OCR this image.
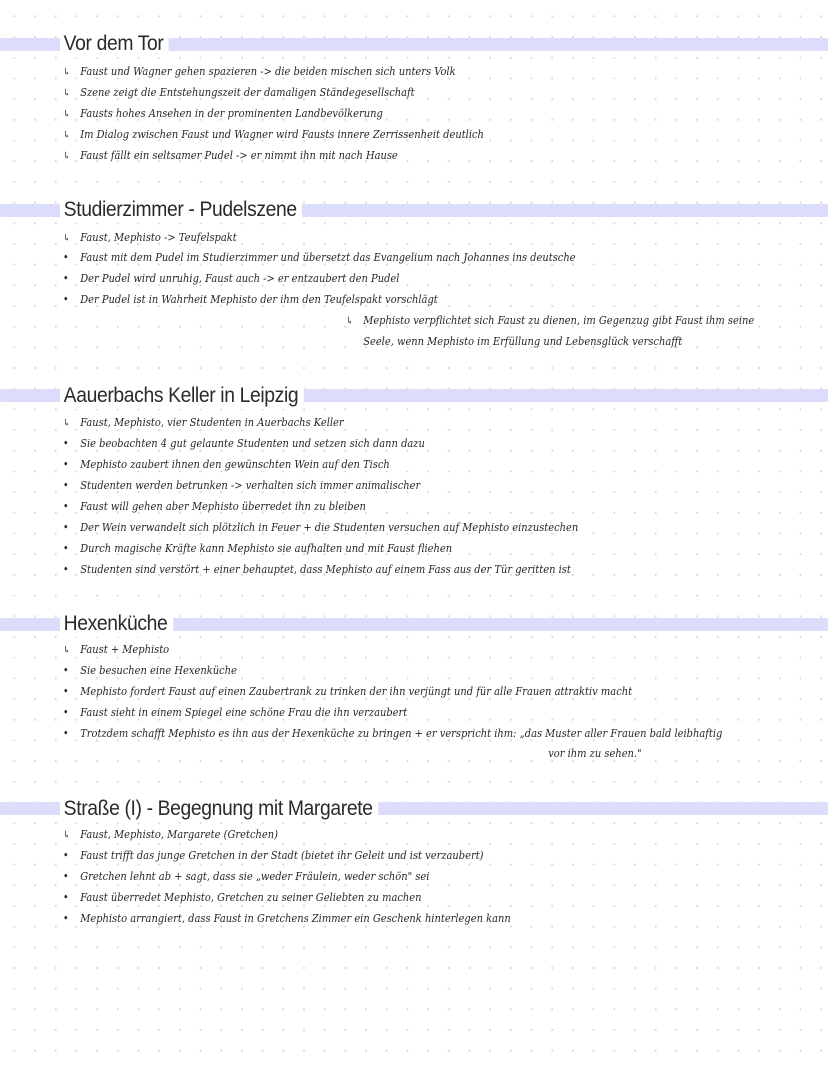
Vor dem Tor
↳ Faust und Wagner gehen spazieren -> die beiden mischen sich unters Volk
↳ Szene zeigt die Entstehungszeit der damaligen Ständegesellschaft
↳ Fausts hohes Ansehen in der prominenten Landbevölkerung
↳ Im Dialog zwischen Faust und Wagner wird Fausts innere Zerrissenheit deutlich
↳ Faust fällt ein seltsamer Pudel -> er nimmt ihn mit nach Hause
Studierzimmer - Pudelszene
↳ Faust, Mephisto -> Teufelspakt
• Faust mit dem Pudel im Studierzimmer und übersetzt das Evangelium nach Johannes ins deutsche
• Der Pudel wird unruhig, Faust auch -> er entzaubert den Pudel
• Der Pudel ist in Wahrheit Mephisto der ihm den Teufelspakt vorschlägt
↳ Mephisto verpflichtet sich Faust zu dienen, im Gegenzug gibt Faust ihm seine
Seele, wenn Mephisto im Erfüllung und Lebensglück verschafft
Aauerbachs Keller in Leipzig
↳ Faust, Mephisto, vier Studenten in Auerbachs Keller
• Sie beobachten 4 gut gelaunte Studenten und setzen sich dann dazu
• Mephisto zaubert ihnen den gewünschten Wein auf den Tisch
• Studenten werden betrunken -> verhalten sich immer animalischer
• Faust will gehen aber Mephisto überredet ihn zu bleiben
• Der Wein verwandelt sich plötzlich in Feuer + die Studenten versuchen auf Mephisto einzustechen
• Durch magische Kräfte kann Mephisto sie aufhalten und mit Faust fliehen
• Studenten sind verstört + einer behauptet, dass Mephisto auf einem Fass aus der Tür geritten ist
Hexenküche
↳ Faust + Mephisto
• Sie besuchen eine Hexenküche
• Mephisto fordert Faust auf einen Zaubertrank zu trinken der ihn verjüngt und für alle Frauen attraktiv macht
• Faust sieht in einem Spiegel eine schöne Frau die ihn verzaubert
• Trotzdem schafft Mephisto es ihn aus der Hexenküche zu bringen + er verspricht ihm: „das Muster aller Frauen bald leibhaftig
vor ihm zu sehen."
Straße (I) - Begegnung mit Margarete
↳ Faust, Mephisto, Margarete (Gretchen)
• Faust trifft das junge Gretchen in der Stadt (bietet ihr Geleit und ist verzaubert)
• Gretchen lehnt ab + sagt, dass sie „weder Fräulein, weder schön" sei
• Faust überredet Mephisto, Gretchen zu seiner Geliebten zu machen
• Mephisto arrangiert, dass Faust in Gretchens Zimmer ein Geschenk hinterlegen kann
